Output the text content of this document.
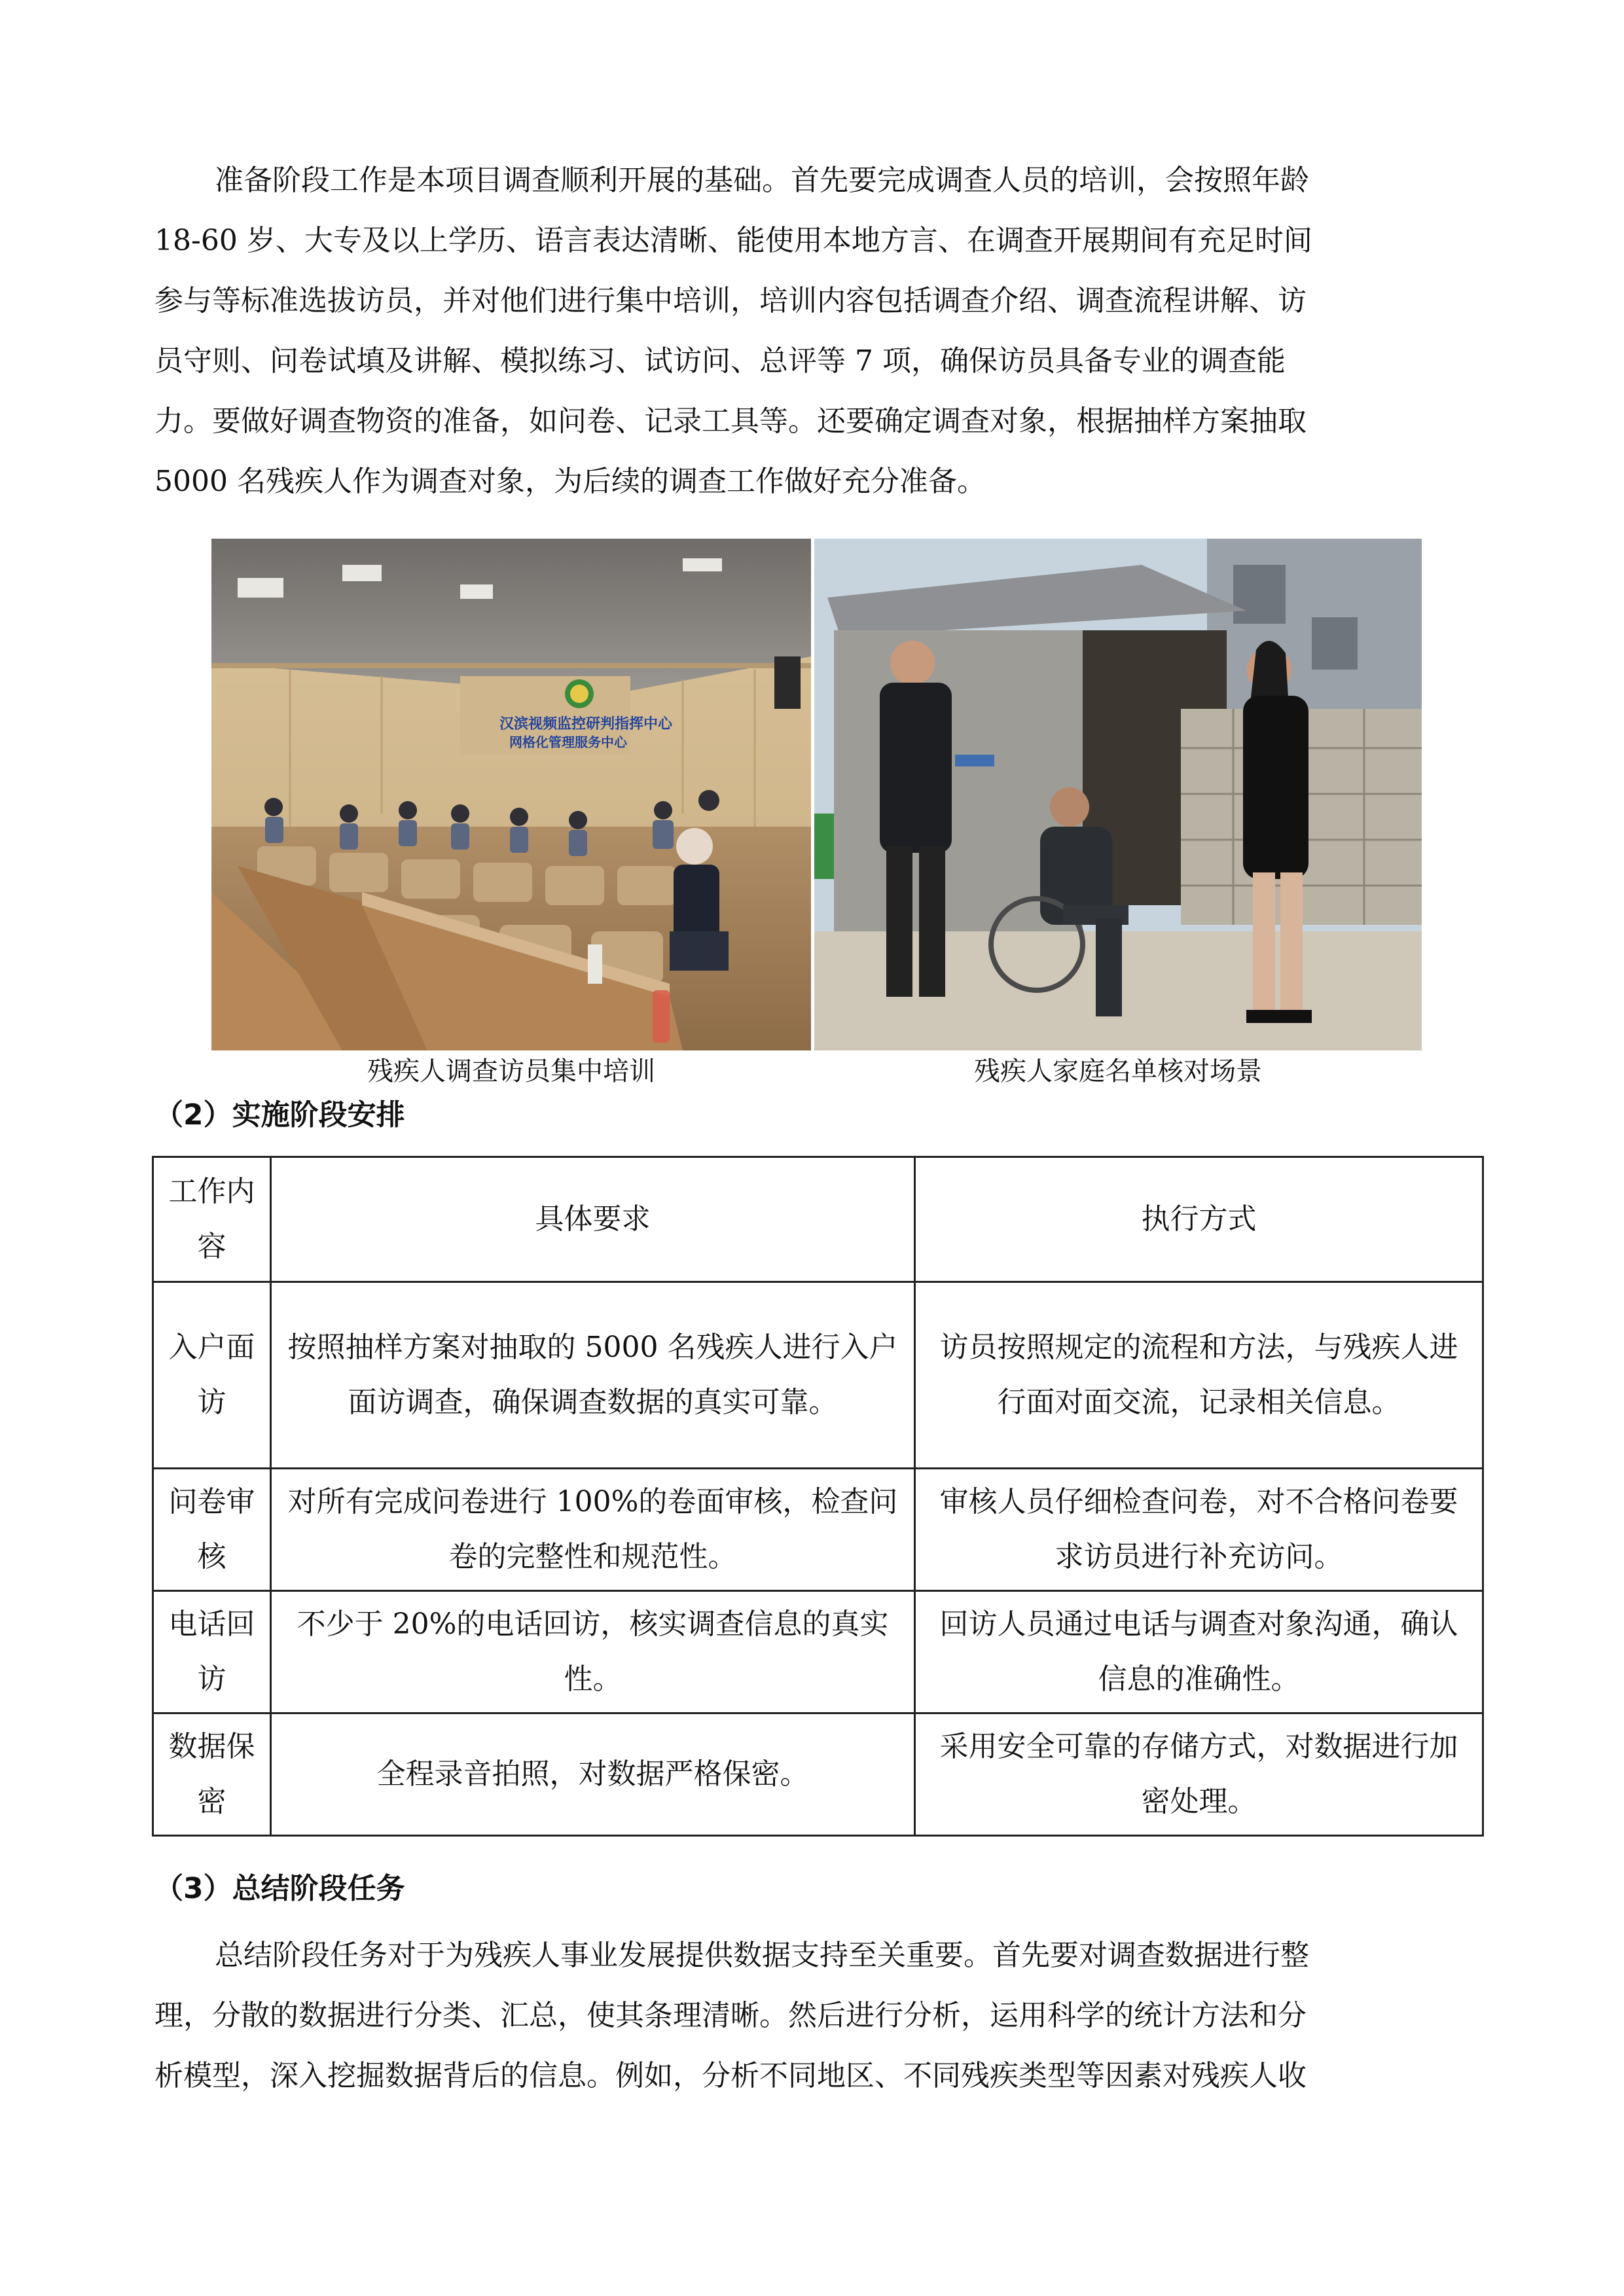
准备阶段工作是本项目调查顺利开展的基础。首先要完成调查人员的培训，会按照年龄
18-60 岁、大专及以上学历、语言表达清晰、能使用本地方言、在调查开展期间有充足时间
参与等标准选拔访员，并对他们进行集中培训，培训内容包括调查介绍、调查流程讲解、访
员守则、问卷试填及讲解、模拟练习、试访问、总评等 7 项，确保访员具备专业的调查能
力。要做好调查物资的准备，如问卷、记录工具等。还要确定调查对象，根据抽样方案抽取
5000 名残疾人作为调查对象，为后续的调查工作做好充分准备。
汉滨视频监控研判指挥中心
网格化管理服务中心
残疾人调查访员集中培训	残疾人家庭名单核对场景
（2）实施阶段安排
工作内容	具体要求	执行方式
入户面访	按照抽样方案对抽取的 5000 名残疾人进行入户面访调查，确保调查数据的真实可靠。	访员按照规定的流程和方法，与残疾人进行面对面交流，记录相关信息。
问卷审核	对所有完成问卷进行 100%的卷面审核，检查问卷的完整性和规范性。	审核人员仔细检查问卷，对不合格问卷要求访员进行补充访问。
电话回访	不少于 20%的电话回访，核实调查信息的真实性。	回访人员通过电话与调查对象沟通，确认信息的准确性。
数据保密	全程录音拍照，对数据严格保密。	采用安全可靠的存储方式，对数据进行加密处理。
（3）总结阶段任务
总结阶段任务对于为残疾人事业发展提供数据支持至关重要。首先要对调查数据进行整
理，分散的数据进行分类、汇总，使其条理清晰。然后进行分析，运用科学的统计方法和分
析模型，深入挖掘数据背后的信息。例如，分析不同地区、不同残疾类型等因素对残疾人收
